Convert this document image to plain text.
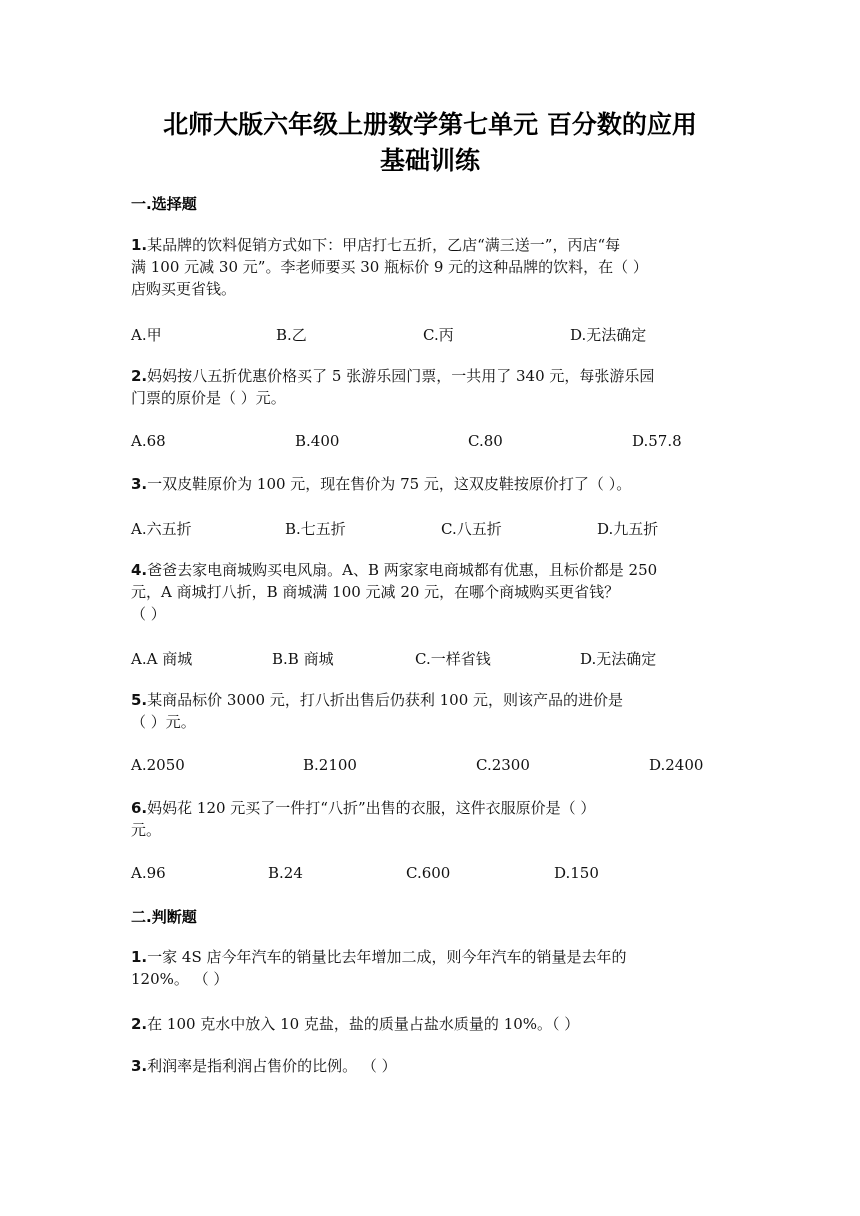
北师大版六年级上册数学第七单元 百分数的应用
基础训练
一.选择题
1.某品牌的饮料促销方式如下：甲店打七五折，乙店“满三送一”，丙店“每
满 100 元减 30 元”。李老师要买 30 瓶标价 9 元的这种品牌的饮料，在（ ）
店购买更省钱。
A.甲	B.乙	C.丙	D.无法确定
2.妈妈按八五折优惠价格买了 5 张游乐园门票，一共用了 340 元，每张游乐园
门票的原价是（ ）元。
A.68	B.400	C.80	D.57.8
3.一双皮鞋原价为 100 元，现在售价为 75 元，这双皮鞋按原价打了（ ）。
A.六五折	B.七五折	C.八五折	D.九五折
4.爸爸去家电商城购买电风扇。A、B 两家家电商城都有优惠，且标价都是 250
元，A 商城打八折，B 商城满 100 元减 20 元，在哪个商城购买更省钱？
（ ）
A.A 商城	B.B 商城	C.一样省钱	D.无法确定
5.某商品标价 3000 元，打八折出售后仍获利 100 元，则该产品的进价是
（ ）元。
A.2050	B.2100	C.2300	D.2400
6.妈妈花 120 元买了一件打“八折”出售的衣服，这件衣服原价是（ ）
元。
A.96	B.24	C.600	D.150
二.判断题
1.一家 4S 店今年汽车的销量比去年增加二成，则今年汽车的销量是去年的
120%。 （ ）
2.在 100 克水中放入 10 克盐，盐的质量占盐水质量的 10%。（ ）
3.利润率是指利润占售价的比例。 （ ）
